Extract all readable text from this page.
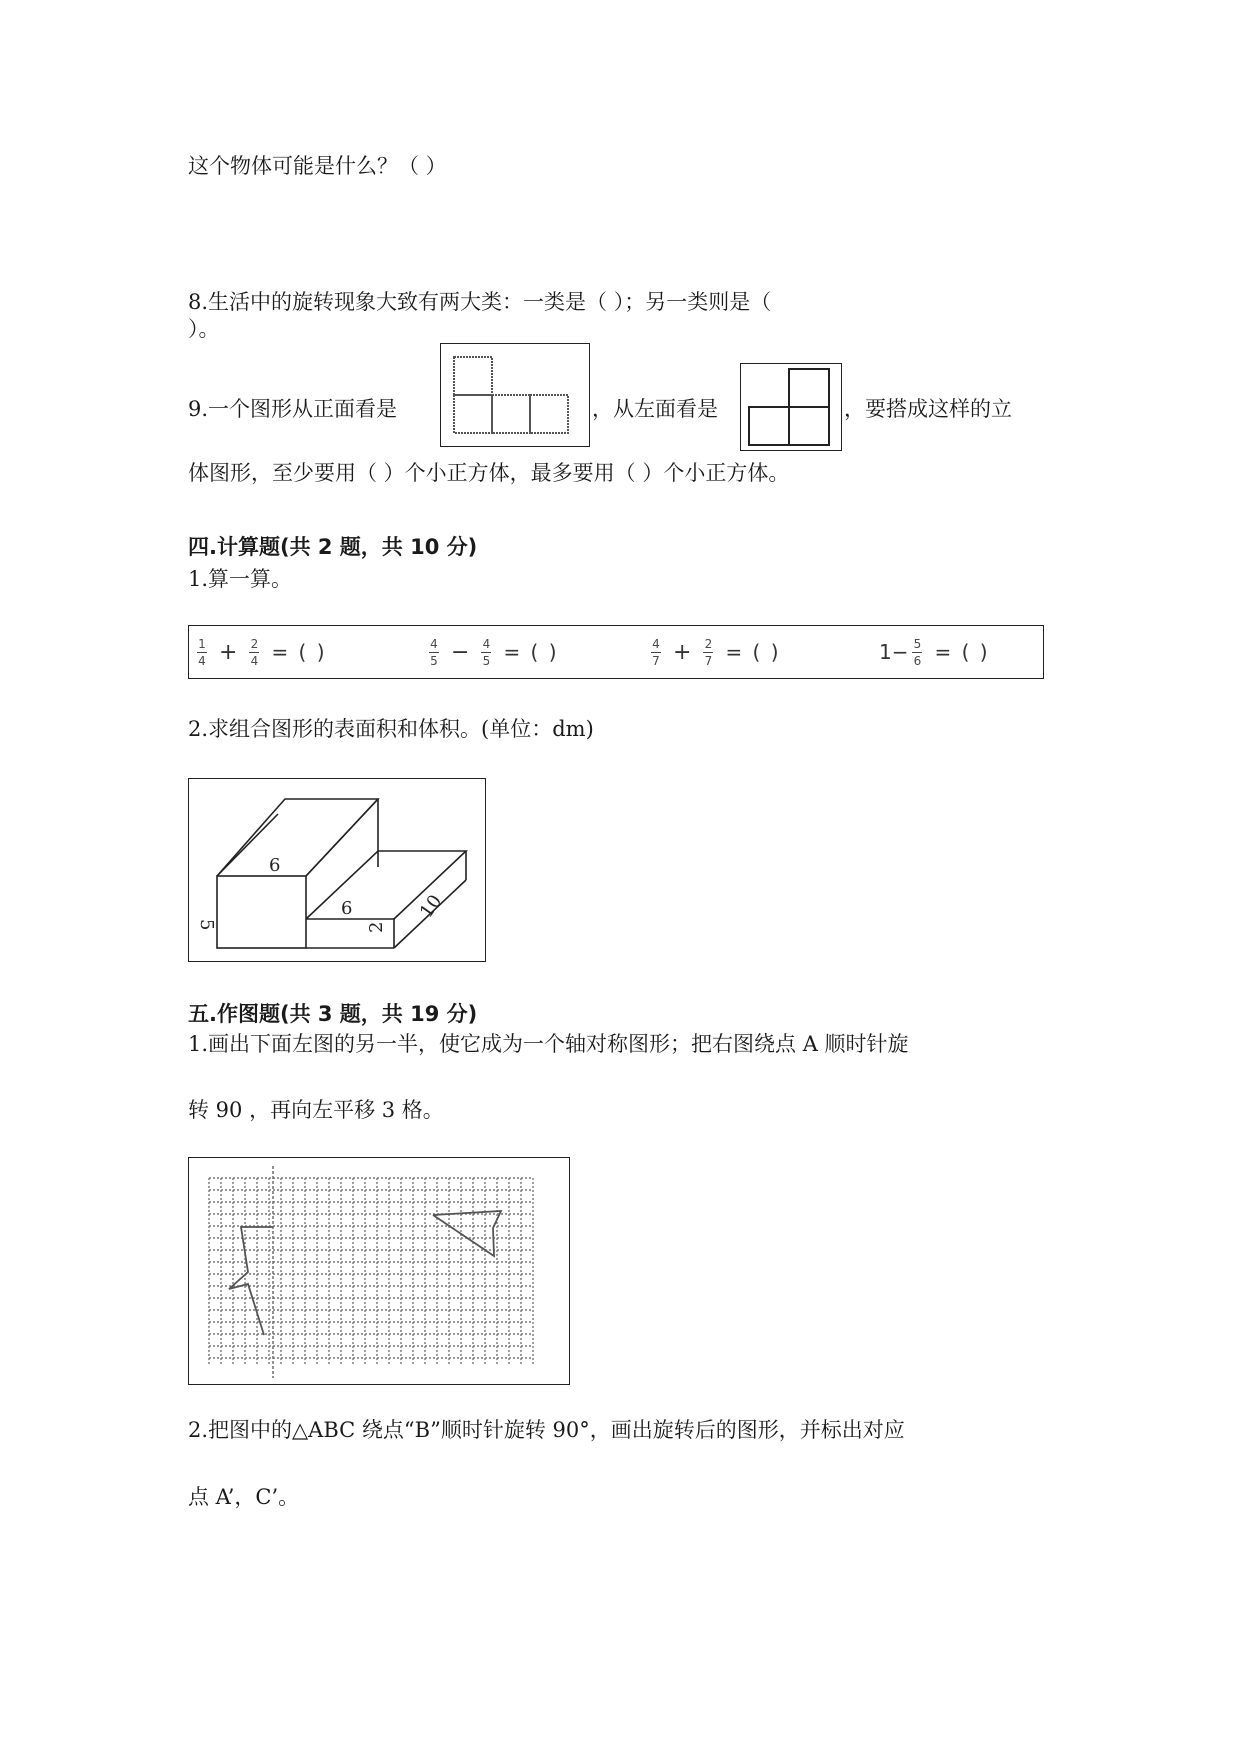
这个物体可能是什么？（ ）
8.生活中的旋转现象大致有两大类：一类是（ ）；另一类则是（
）。
9.一个图形从正面看是	，从左面看是	，要搭成这样的立
体图形，至少要用（ ）个小正方体，最多要用（ ）个小正方体。
四.计算题(共 2 题，共 10 分)
1.算一算。
$\frac{1}{4} + \frac{2}{4}$ = ( )	$\frac{4}{5} - \frac{4}{5}$ = ( )	$\frac{4}{7} + \frac{2}{7}$ = ( )	$1- \frac{5}{6}$ = ( )
2.求组合图形的表面积和体积。(单位：dm)
6
6
5	2
10
五.作图题(共 3 题，共 19 分)
1.画出下面左图的另一半，使它成为一个轴对称图形；把右图绕点 A 顺时针旋
转 90 ，再向左平移 3 格。
2.把图中的△ABC 绕点“B”顺时针旋转 90°，画出旋转后的图形，并标出对应
点 A’，C’。
